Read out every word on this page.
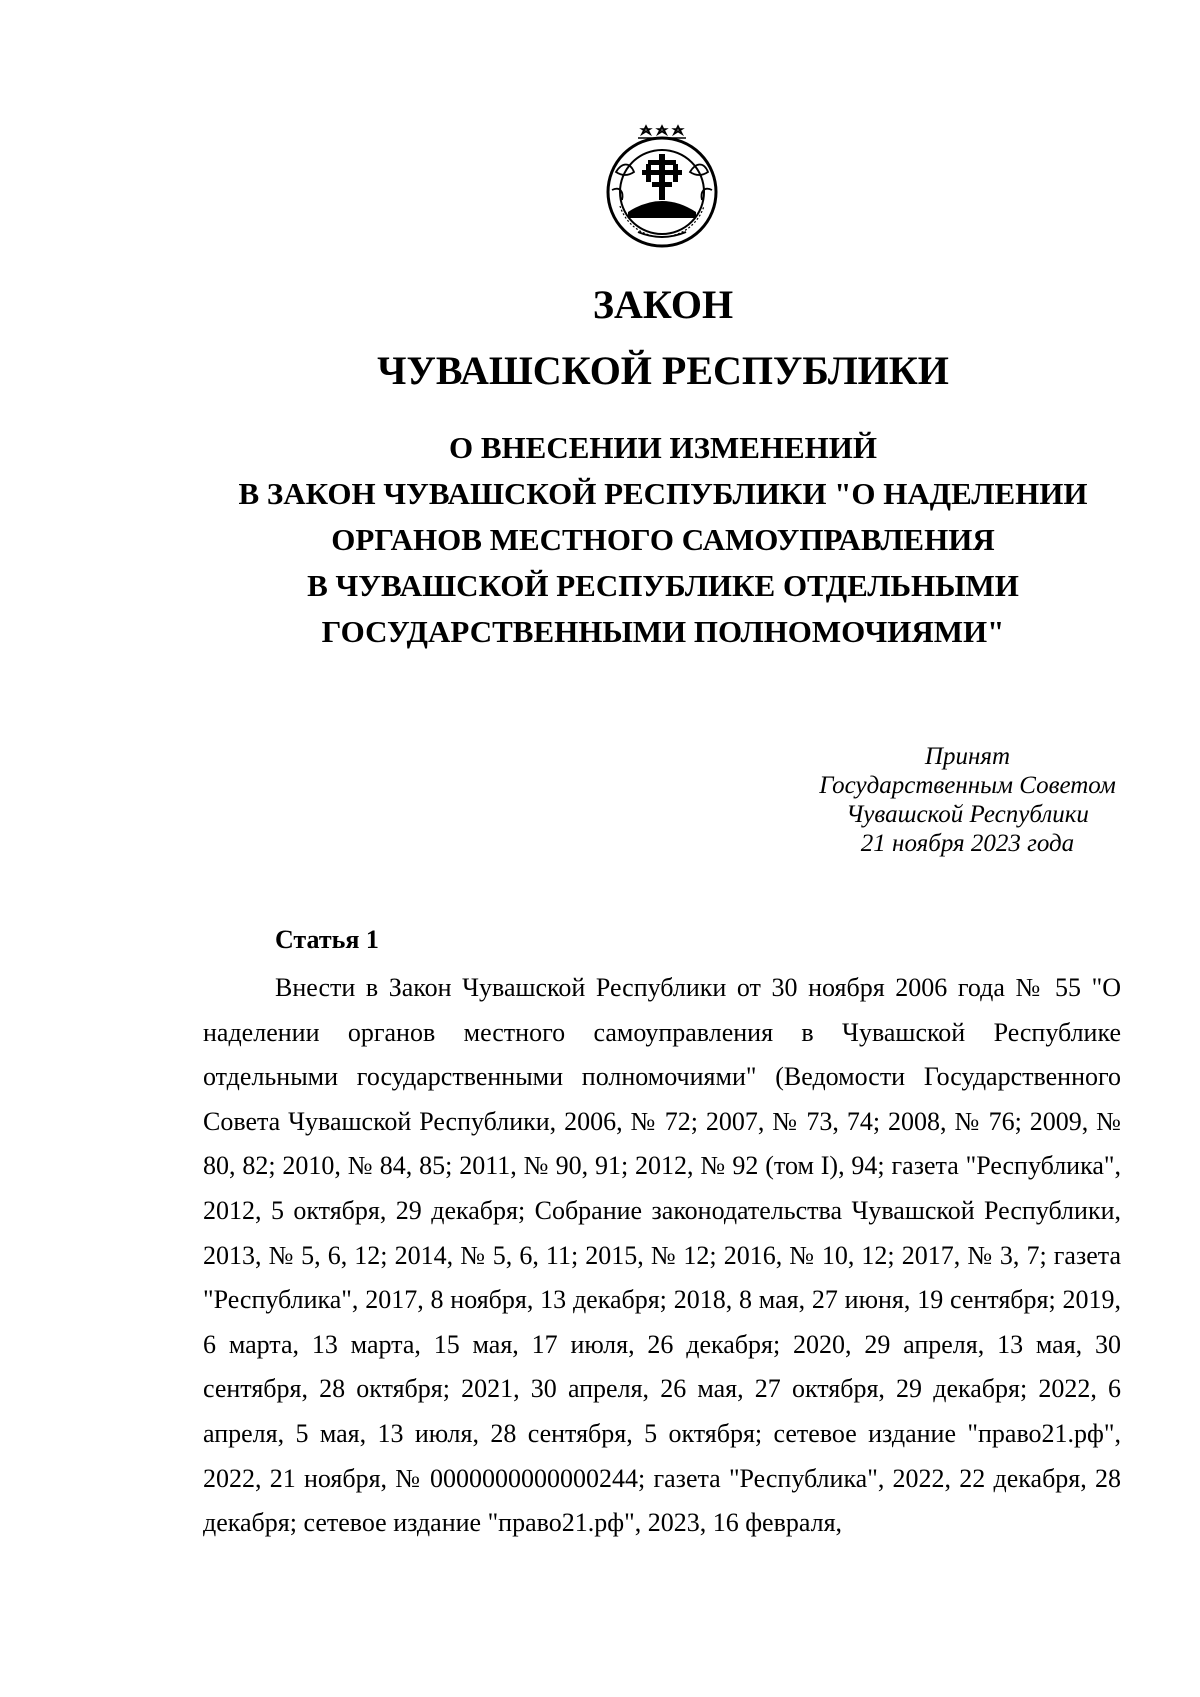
ЗАКОН
ЧУВАШСКОЙ РЕСПУБЛИКИ
О ВНЕСЕНИИ ИЗМЕНЕНИЙ
В ЗАКОН ЧУВАШСКОЙ РЕСПУБЛИКИ "О НАДЕЛЕНИИ
ОРГАНОВ МЕСТНОГО САМОУПРАВЛЕНИЯ
В ЧУВАШСКОЙ РЕСПУБЛИКЕ ОТДЕЛЬНЫМИ
ГОСУДАРСТВЕННЫМИ ПОЛНОМОЧИЯМИ"
Принят
Государственным Советом
Чувашской Республики
21 ноября 2023 года
Статья 1

Внести в Закон Чувашской Республики от 30 ноября 2006 года № 55 "О наделении органов местного самоуправления в Чувашской Республике отдельными государственными полномочиями" (Ведомости Государственного Совета Чувашской Республики, 2006, № 72; 2007, № 73, 74; 2008, № 76; 2009, № 80, 82; 2010, № 84, 85; 2011, № 90, 91; 2012, № 92 (том I), 94; газета "Республика", 2012, 5 октября, 29 декабря; Собрание законодательства Чувашской Республики, 2013, № 5, 6, 12; 2014, № 5, 6, 11; 2015, № 12; 2016, № 10, 12; 2017, № 3, 7; газета "Республика", 2017, 8 ноября, 13 декабря; 2018, 8 мая, 27 июня, 19 сентября; 2019, 6 марта, 13 марта, 15 мая, 17 июля, 26 декабря; 2020, 29 апреля, 13 мая, 30 сентября, 28 октября; 2021, 30 апреля, 26 мая, 27 октября, 29 декабря; 2022, 6 апреля, 5 мая, 13 июля, 28 сентября, 5 октября; сетевое издание "право21.рф", 2022, 21 ноября, № 0000000000000244; газета "Республика", 2022, 22 декабря, 28 декабря; сетевое издание "право21.рф", 2023, 16 февраля,
